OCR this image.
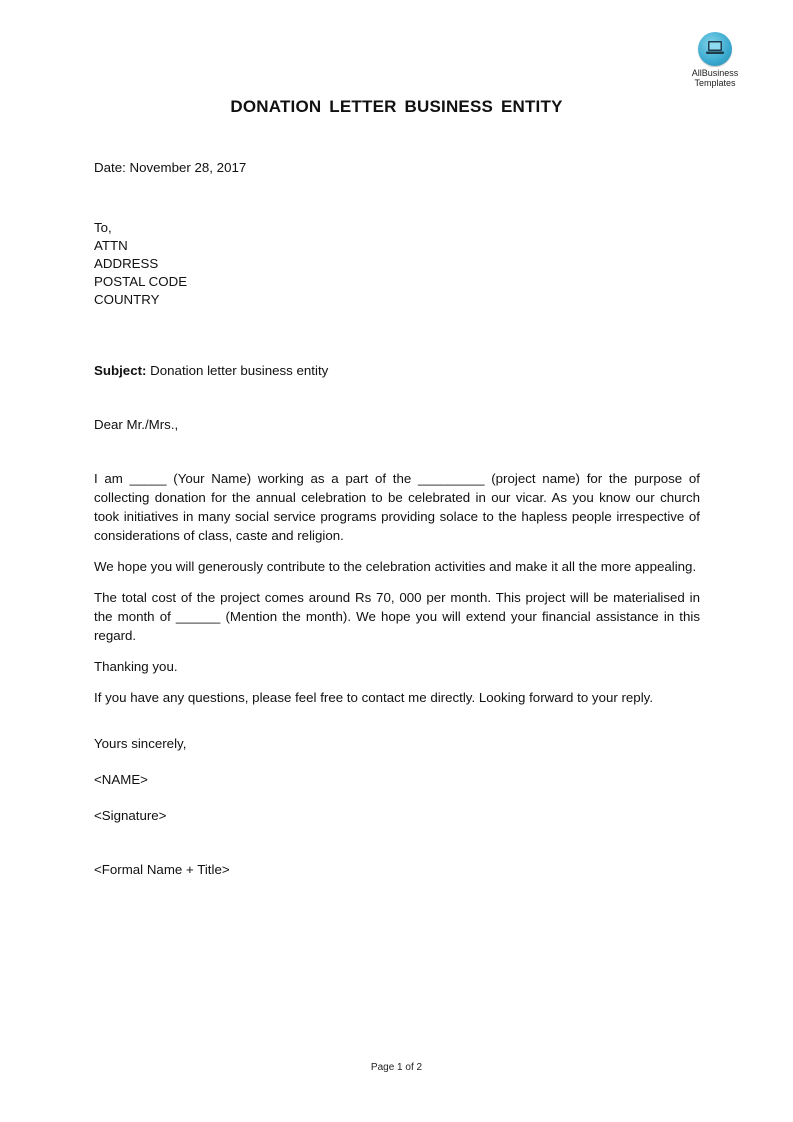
AllBusiness
Templates
DONATION LETTER BUSINESS ENTITY
Date: November 28, 2017
To,
ATTN
ADDRESS
POSTAL CODE
COUNTRY
Subject: Donation letter business entity
Dear Mr./Mrs.,

I am _____ (Your Name) working as a part of the _________ (project name) for the purpose of collecting donation for the annual celebration to be celebrated in our vicar. As you know our church took initiatives in many social service programs providing solace to the hapless people irrespective of considerations of class, caste and religion.

We hope you will generously contribute to the celebration activities and make it all the more appealing.

The total cost of the project comes around Rs 70, 000 per month. This project will be materialised in the month of ______ (Mention the month). We hope you will extend your financial assistance in this regard.

Thanking you.

If you have any questions, please feel free to contact me directly. Looking forward to your reply.

Yours sincerely,
<NAME>
<Signature>
<Formal Name + Title>
Page 1 of 2
